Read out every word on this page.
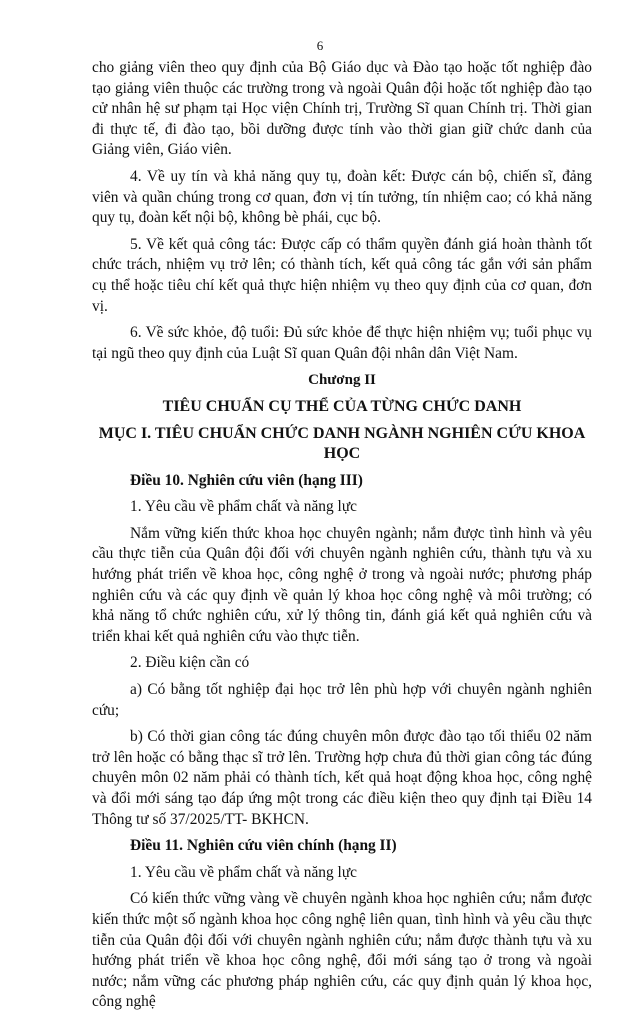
6

cho giảng viên theo quy định của Bộ Giáo dục và Đào tạo hoặc tốt nghiệp đào tạo giảng viên thuộc các trường trong và ngoài Quân đội hoặc tốt nghiệp đào tạo cử nhân hệ sư phạm tại Học viện Chính trị, Trường Sĩ quan Chính trị. Thời gian đi thực tế, đi đào tạo, bồi dưỡng được tính vào thời gian giữ chức danh của Giảng viên, Giáo viên.

4. Về uy tín và khả năng quy tụ, đoàn kết: Được cán bộ, chiến sĩ, đảng viên và quần chúng trong cơ quan, đơn vị tín tưởng, tín nhiệm cao; có khả năng quy tụ, đoàn kết nội bộ, không bè phái, cục bộ.

5. Về kết quả công tác: Được cấp có thẩm quyền đánh giá hoàn thành tốt chức trách, nhiệm vụ trở lên; có thành tích, kết quả công tác gắn với sản phẩm cụ thể hoặc tiêu chí kết quả thực hiện nhiệm vụ theo quy định của cơ quan, đơn vị.

6. Về sức khỏe, độ tuổi: Đủ sức khỏe để thực hiện nhiệm vụ; tuổi phục vụ tại ngũ theo quy định của Luật Sĩ quan Quân đội nhân dân Việt Nam.

Chương II

TIÊU CHUẨN CỤ THỂ CỦA TỪNG CHỨC DANH

MỤC I. TIÊU CHUẨN CHỨC DANH NGÀNH NGHIÊN CỨU KHOA HỌC

Điều 10. Nghiên cứu viên (hạng III)

1. Yêu cầu về phẩm chất và năng lực

Nắm vững kiến thức khoa học chuyên ngành; nắm được tình hình và yêu cầu thực tiễn của Quân đội đối với chuyên ngành nghiên cứu, thành tựu và xu hướng phát triển về khoa học, công nghệ ở trong và ngoài nước; phương pháp nghiên cứu và các quy định về quản lý khoa học công nghệ và môi trường; có khả năng tổ chức nghiên cứu, xử lý thông tin, đánh giá kết quả nghiên cứu và triển khai kết quả nghiên cứu vào thực tiễn.

2. Điều kiện cần có

a) Có bằng tốt nghiệp đại học trở lên phù hợp với chuyên ngành nghiên cứu;

b) Có thời gian công tác đúng chuyên môn được đào tạo tối thiểu 02 năm trở lên hoặc có bằng thạc sĩ trở lên. Trường hợp chưa đủ thời gian công tác đúng chuyên môn 02 năm phải có thành tích, kết quả hoạt động khoa học, công nghệ và đổi mới sáng tạo đáp ứng một trong các điều kiện theo quy định tại Điều 14 Thông tư số 37/2025/TT- BKHCN.

Điều 11. Nghiên cứu viên chính (hạng II)

1. Yêu cầu về phẩm chất và năng lực

Có kiến thức vững vàng về chuyên ngành khoa học nghiên cứu; nắm được kiến thức một số ngành khoa học công nghệ liên quan, tình hình và yêu cầu thực tiễn của Quân đội đối với chuyên ngành nghiên cứu; nắm được thành tựu và xu hướng phát triển về khoa học công nghệ, đổi mới sáng tạo ở trong và ngoài nước; nắm vững các phương pháp nghiên cứu, các quy định quản lý khoa học, công nghệ
